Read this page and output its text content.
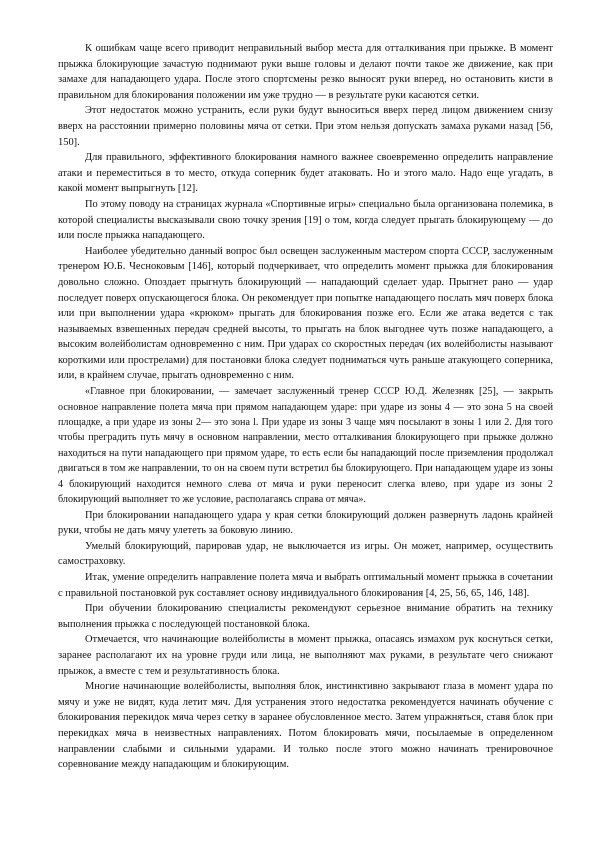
К ошибкам чаще всего приводит неправильный выбор места для отталкивания при прыжке. В момент прыжка блокирующие зачастую поднимают руки выше головы и делают почти такое же движение, как при замахе для нападающего удара. После этого спортсмены резко выносят руки вперед, но остановить кисти в правильном для блокирования положении им уже трудно — в результате руки касаются сетки.

Этот недостаток можно устранить, если руки будут выноситься вверх перед лицом движением снизу вверх на расстоянии примерно половины мяча от сетки. При этом нельзя допускать замаха руками назад [56, 150].

Для правильного, эффективного блокирования намного важнее своевременно определить направление атаки и переместиться в то место, откуда соперник будет атаковать. Но и этого мало. Надо еще угадать, в какой момент выпрыгнуть [12].

По этому поводу на страницах журнала «Спортивные игры» специально была организована полемика, в которой специалисты высказывали свою точку зрения [19] о том, когда следует прыгать блокирующему — до или после прыжка нападающего.

Наиболее убедительно данный вопрос был освещен заслуженным мастером спорта СССР, заслуженным тренером Ю.Б. Чесноковым [146], который подчеркивает, что определить момент прыжка для блокирования довольно сложно. Опоздает прыгнуть блокирующий — нападающий сделает удар. Прыгнет рано — удар последует поверх опускающегося блока. Он рекомендует при попытке нападающего послать мяч поверх блока или при выполнении удара «крюком» прыгать для блокирования позже его. Если же атака ведется с так называемых взвешенных передач средней высоты, то прыгать на блок выгоднее чуть позже нападающего, а высоким волейболистам одновременно с ним. При ударах со скоростных передач (их волейболисты называют короткими или прострелами) для постановки блока следует подниматься чуть раньше атакующего соперника, или, в крайнем случае, прыгать одновременно с ним.

«Главное при блокировании, — замечает заслуженный тренер СССР Ю.Д. Железняк [25], — закрыть основное направление полета мяча при прямом нападающем ударе: при ударе из зоны 4 — это зона 5 на своей площадке, а при ударе из зоны 2— это зона l. При ударе из зоны 3 чаще мяч посылают в зоны 1 или 2. Для того чтобы преградить путь мячу в основном направлении, место отталкивания блокирующего при прыжке должно находиться на пути нападающего при прямом ударе, то есть если бы нападающий после приземления продолжал двигаться в том же направлении, то он на своем пути встретил бы блокирующего. При нападающем ударе из зоны 4 блокирующий находится немного слева от мяча и руки переносит слегка влево, при ударе из зоны 2 блокирующий выполняет то же условие, располагаясь справа от мяча».

При блокировании нападающего удара у края сетки блокирующий должен развернуть ладонь крайней руки, чтобы не дать мячу улететь за боковую линию.

Умелый блокирующий, парировав удар, не выключается из игры. Он может, например, осуществить самостраховку.

Итак, умение определить направление полета мяча и выбрать оптимальный момент прыжка в сочетании с правильной постановкой рук составляет основу индивидуального блокирования [4, 25, 56, 65, 146, 148].

При обучении блокированию специалисты рекомендуют серьезное внимание обратить на технику выполнения прыжка с последующей постановкой блока.

Отмечается, что начинающие волейболисты в момент прыжка, опасаясь измахом рук коснуться сетки, заранее располагают их на уровне груди или лица, не выполняют мах руками, в результате чего снижают прыжок, а вместе с тем и результативность блока.

Многие начинающие волейболисты, выполняя блок, инстинктивно закрывают глаза в момент удара по мячу и уже не видят, куда летит мяч. Для устранения этого недостатка рекомендуется начинать обучение с блокирования перекидок мяча через сетку в заранее обусловленное место. Затем упражняться, ставя блок при перекидках мяча в неизвестных направлениях. Потом блокировать мячи, посылаемые в определенном направлении слабыми и сильными ударами. И только после этого можно начинать тренировочное соревнование между нападающим и блокирующим.
